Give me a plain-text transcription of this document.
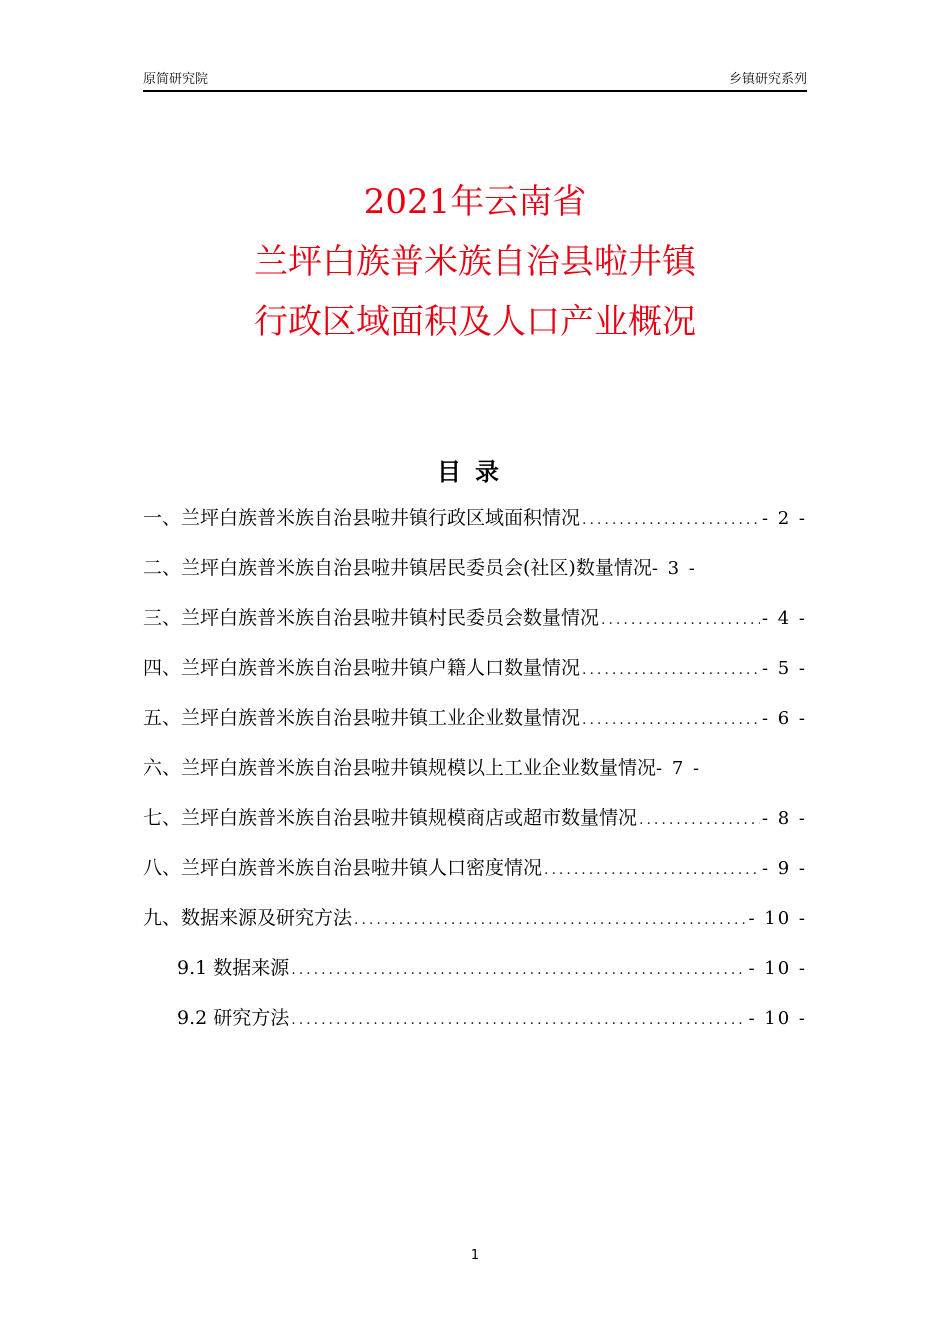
原简研究院	乡镇研究系列
2021年云南省
兰坪白族普米族自治县啦井镇
行政区域面积及人口产业概况
目录
一、兰坪白族普米族自治县啦井镇行政区域面积情况 .....	- 2 -
二、兰坪白族普米族自治县啦井镇居民委员会(社区)数量情况 - 3 -
三、兰坪白族普米族自治县啦井镇村民委员会数量情况 .....	- 4 -
四、兰坪白族普米族自治县啦井镇户籍人口数量情况 .....	- 5 -
五、兰坪白族普米族自治县啦井镇工业企业数量情况 .....	- 6 -
六、兰坪白族普米族自治县啦井镇规模以上工业企业数量情况 - 7 -
七、兰坪白族普米族自治县啦井镇规模商店或超市数量情况 .....	- 8 -
八、兰坪白族普米族自治县啦井镇人口密度情况 .....	- 9 -
九、数据来源及研究方法 .....	- 10 -
9.1 数据来源 .....	- 10 -
9.2 研究方法 .....	- 10 -
1
